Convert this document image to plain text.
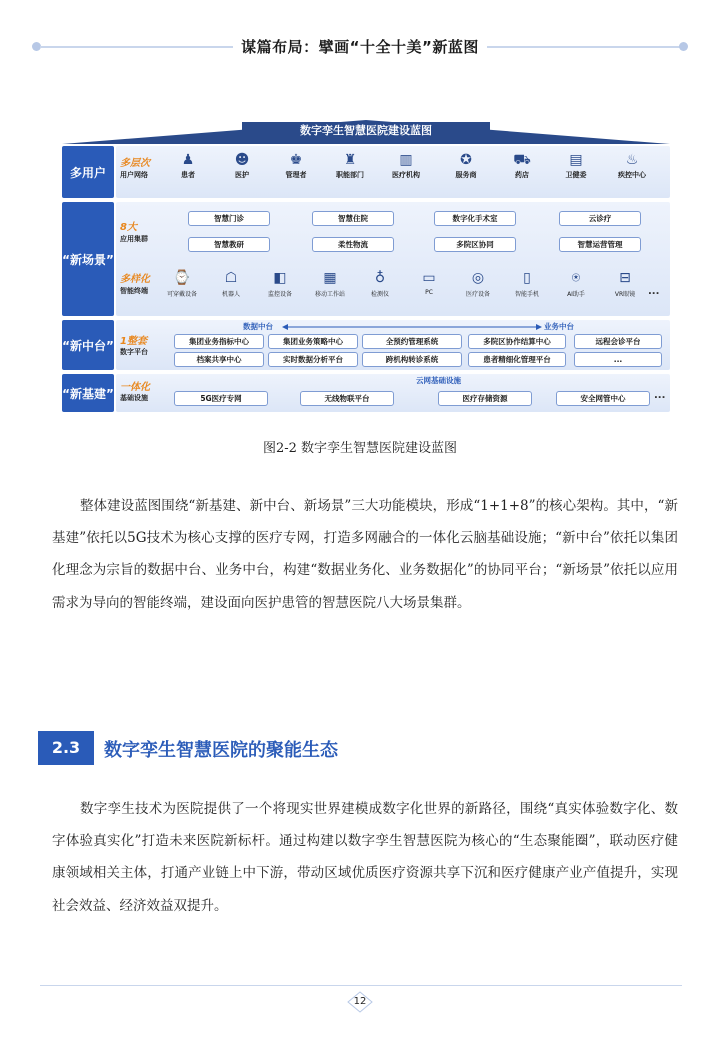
谋篇布局：擘画“十全十美”新蓝图
数字孪生智慧医院建设蓝图
多用户
多层次
用户网络
♟
患者
☻
医护
♚
管理者
♜
职能部门
▥
医疗机构
✪
服务商
⛟
药店
▤
卫健委
♨
疾控中心
“新场景”
8大
应用集群
智慧门诊	智慧住院	数字化手术室	云诊疗
智慧教研	柔性物流	多院区协同	智慧运营管理
多样化
智能终端
⌚
可穿戴设备
☖
机器人
◧
监控设备
▦
移动工作站
♁
检测仪
▭
PC
◎
医疗设备
▯
智能手机
⍟
AI助手
⊟
VR眼镜	...
“新中台” 1整套
数字平台
数据中台	业务中台
集团业务指标中心	集团业务策略中心	全预约管理系统	多院区协作结算中心	远程会诊平台
档案共享中心	实时数据分析平台	跨机构转诊系统	患者精细化管理平台	...
“新基建” 一体化
基础设施
云网基础设施
5G医疗专网	无线物联平台	医疗存储资源	安全网管中心	...
图2-2 数字孪生智慧医院建设蓝图
整体建设蓝图围绕“新基建、新中台、新场景”三大功能模块，形成“1+1+8”的核心架构。其中，“新基建”依托以5G技术为核心支撑的医疗专网，打造多网融合的一体化云脑基础设施；“新中台”依托以集团化理念为宗旨的数据中台、业务中台，构建“数据业务化、业务数据化”的协同平台；“新场景”依托以应用需求为导向的智能终端，建设面向医护患管的智慧医院八大场景集群。
2.3	数字孪生智慧医院的聚能生态
数字孪生技术为医院提供了一个将现实世界建模成数字化世界的新路径，围绕“真实体验数字化、数字体验真实化”打造未来医院新标杆。通过构建以数字孪生智慧医院为核心的“生态聚能圈”，联动医疗健康领域相关主体，打通产业链上中下游，带动区域优质医疗资源共享下沉和医疗健康产业产值提升，实现社会效益、经济效益双提升。
12
